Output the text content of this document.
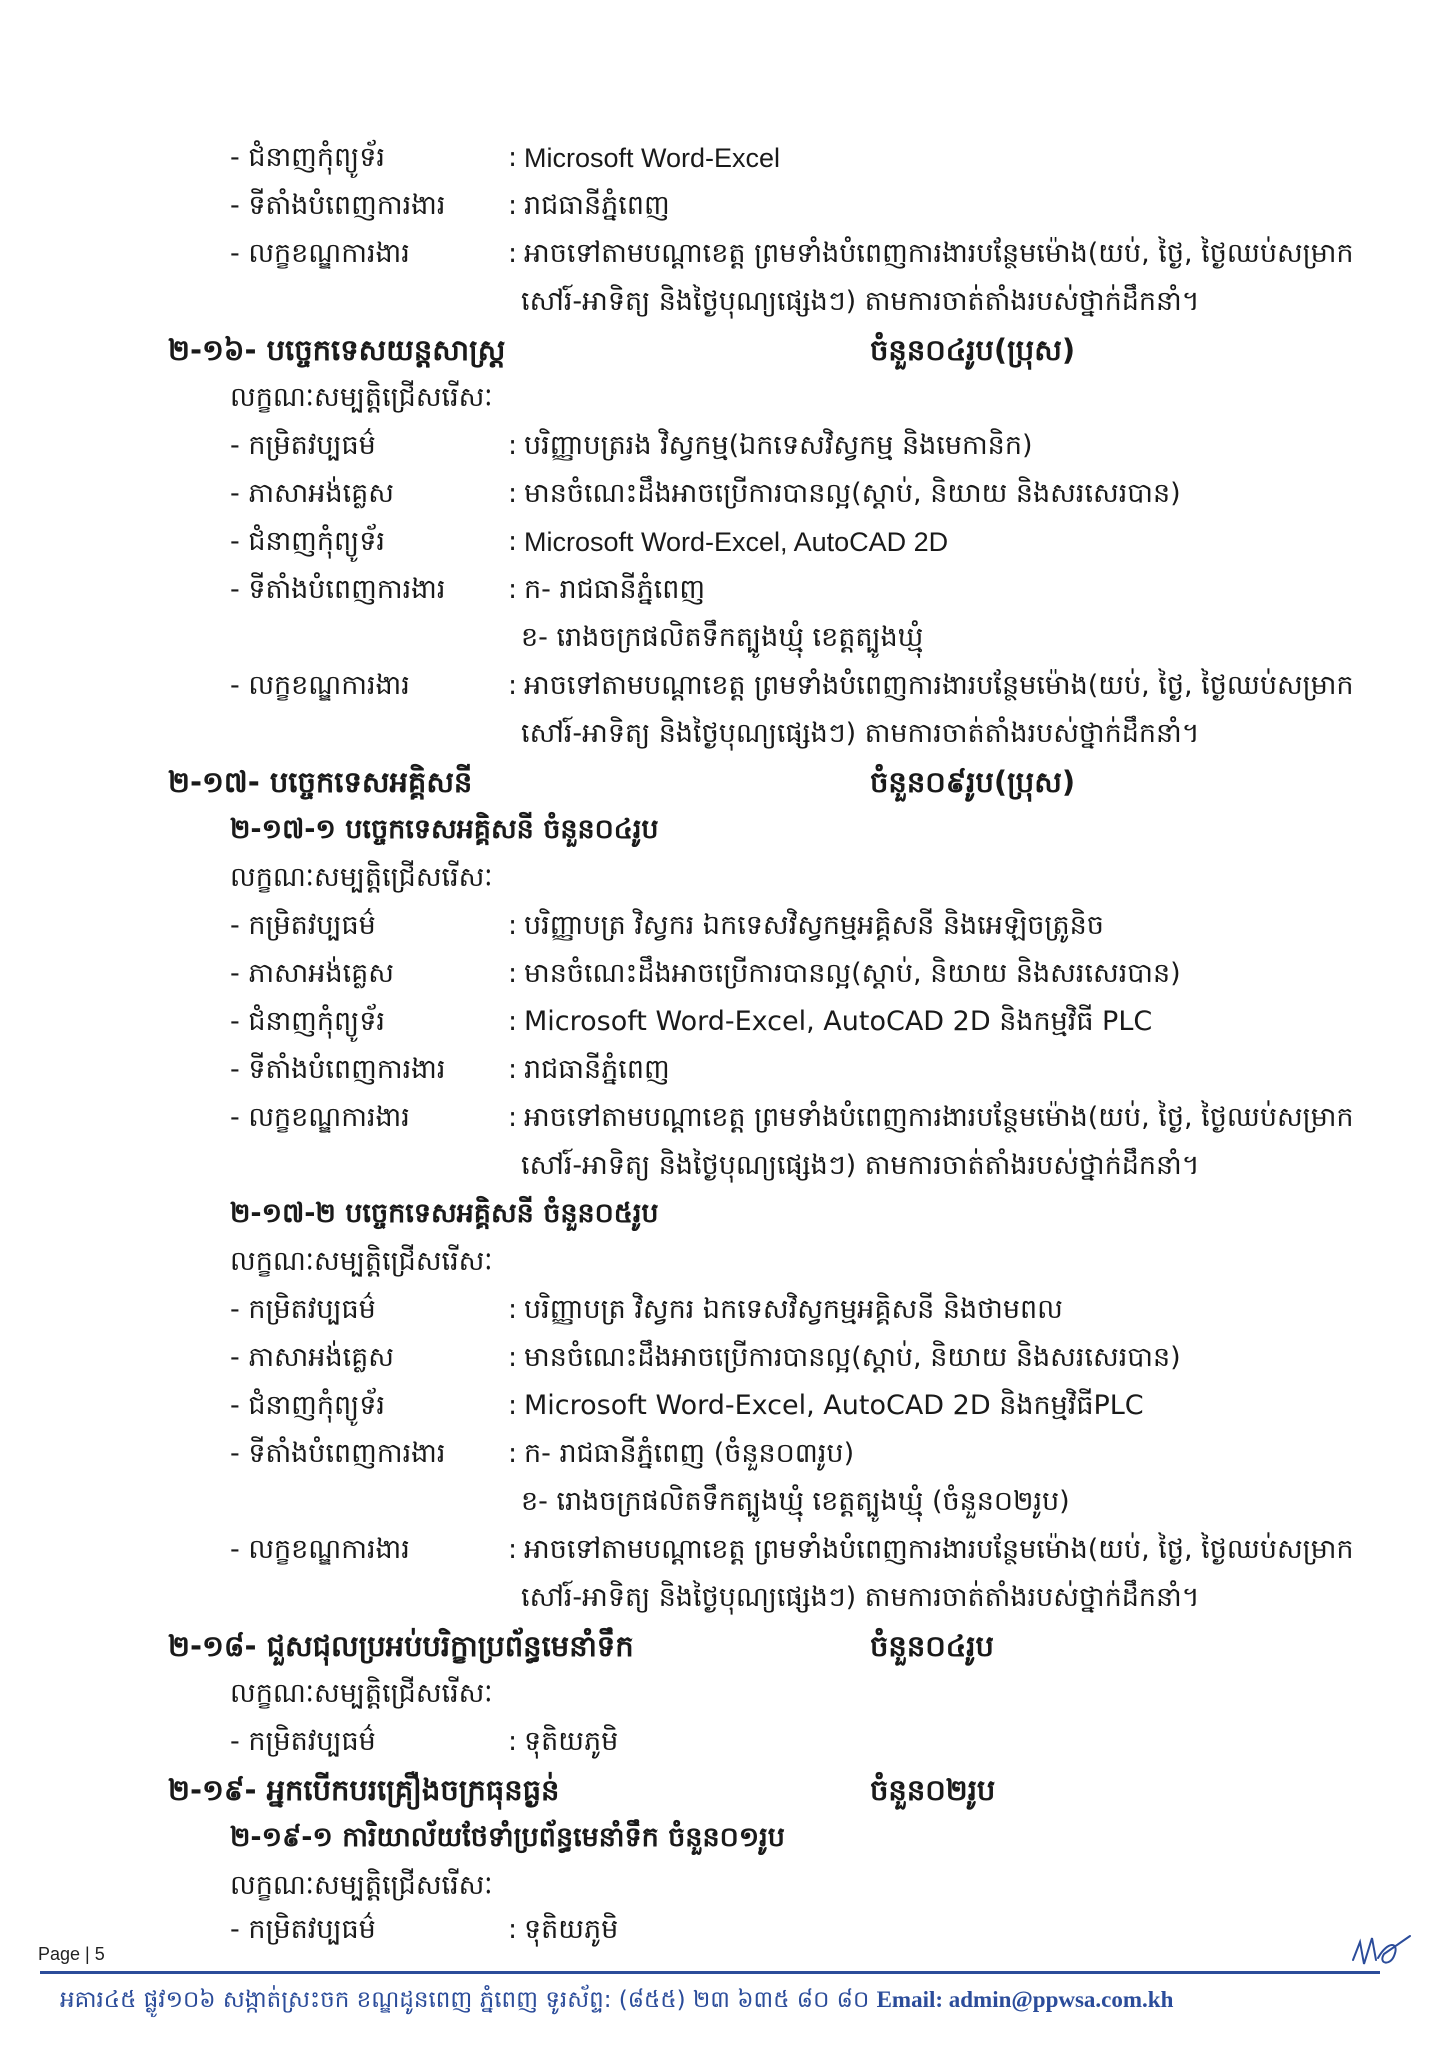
- ជំនាញកុំព្យូទ័រ	: Microsoft Word-Excel
- ទីតាំងបំពេញការងារ : រាជធានីភ្នំពេញ
- លក្ខខណ្ឌការងារ	: អាចទៅតាមបណ្តាខេត្ត ព្រមទាំងបំពេញការងារបន្ថែមម៉ោង(យប់, ថ្ងៃ, ថ្ងៃឈប់សម្រាក
សៅរ៍-អាទិត្យ និងថ្ងៃបុណ្យផ្សេងៗ) តាមការចាត់តាំងរបស់ថ្នាក់ដឹកនាំ។
២-១៦- បច្ចេកទេសយន្តសាស្ត្រ	ចំនួន០៤រូប(ប្រុស)
លក្ខណៈសម្បត្តិជ្រើសរើសៈ
- កម្រិតវប្បធម៌	: បរិញ្ញាបត្ររង វិស្វកម្ម(ឯកទេសវិស្វកម្ម និងមេកានិក)
- ភាសាអង់គ្លេស	: មានចំណេះដឹងអាចប្រើការបានល្អ(ស្តាប់, និយាយ និងសរសេរបាន)
- ជំនាញកុំព្យូទ័រ	: Microsoft Word-Excel, AutoCAD 2D
- ទីតាំងបំពេញការងារ : ក- រាជធានីភ្នំពេញ
ខ- រោងចក្រផលិតទឹកត្បូងឃ្មុំ ខេត្តត្បូងឃ្មុំ
- លក្ខខណ្ឌការងារ	: អាចទៅតាមបណ្តាខេត្ត ព្រមទាំងបំពេញការងារបន្ថែមម៉ោង(យប់, ថ្ងៃ, ថ្ងៃឈប់សម្រាក
សៅរ៍-អាទិត្យ និងថ្ងៃបុណ្យផ្សេងៗ) តាមការចាត់តាំងរបស់ថ្នាក់ដឹកនាំ។
២-១៧- បច្ចេកទេសអគ្គិសនី	ចំនួន០៩រូប(ប្រុស)
២-១៧-១ បច្ចេកទេសអគ្គិសនី ចំនួន០៤រូប
លក្ខណៈសម្បត្តិជ្រើសរើសៈ
- កម្រិតវប្បធម៌	: បរិញ្ញាបត្រ វិស្វករ ឯកទេសវិស្វកម្មអគ្គិសនី និងអេឡិចត្រូនិច
- ភាសាអង់គ្លេស	: មានចំណេះដឹងអាចប្រើការបានល្អ(ស្តាប់, និយាយ និងសរសេរបាន)
- ជំនាញកុំព្យូទ័រ	: Microsoft Word-Excel, AutoCAD 2D និងកម្មវិធី PLC
- ទីតាំងបំពេញការងារ : រាជធានីភ្នំពេញ
- លក្ខខណ្ឌការងារ	: អាចទៅតាមបណ្តាខេត្ត ព្រមទាំងបំពេញការងារបន្ថែមម៉ោង(យប់, ថ្ងៃ, ថ្ងៃឈប់សម្រាក
សៅរ៍-អាទិត្យ និងថ្ងៃបុណ្យផ្សេងៗ) តាមការចាត់តាំងរបស់ថ្នាក់ដឹកនាំ។
២-១៧-២ បច្ចេកទេសអគ្គិសនី ចំនួន០៥រូប
លក្ខណៈសម្បត្តិជ្រើសរើសៈ
- កម្រិតវប្បធម៌	: បរិញ្ញាបត្រ វិស្វករ ឯកទេសវិស្វកម្មអគ្គិសនី និងថាមពល
- ភាសាអង់គ្លេស	: មានចំណេះដឹងអាចប្រើការបានល្អ(ស្តាប់, និយាយ និងសរសេរបាន)
- ជំនាញកុំព្យូទ័រ	: Microsoft Word-Excel, AutoCAD 2D និងកម្មវិធីPLC
- ទីតាំងបំពេញការងារ : ក- រាជធានីភ្នំពេញ (ចំនួន០៣រូប)
ខ- រោងចក្រផលិតទឹកត្បូងឃ្មុំ ខេត្តត្បូងឃ្មុំ (ចំនួន០២រូប)
- លក្ខខណ្ឌការងារ	: អាចទៅតាមបណ្តាខេត្ត ព្រមទាំងបំពេញការងារបន្ថែមម៉ោង(យប់, ថ្ងៃ, ថ្ងៃឈប់សម្រាក
សៅរ៍-អាទិត្យ និងថ្ងៃបុណ្យផ្សេងៗ) តាមការចាត់តាំងរបស់ថ្នាក់ដឹកនាំ។
២-១៨- ជួសជុលប្រអប់បរិក្ខាប្រព័ន្ធមេនាំទឹក	ចំនួន០៤រូប
លក្ខណៈសម្បត្តិជ្រើសរើសៈ
- កម្រិតវប្បធម៌	: ទុតិយភូមិ
២-១៩- អ្នកបើកបរគ្រឿងចក្រធុនធ្ងន់	ចំនួន០២រូប
២-១៩-១ ការិយាល័យថែទាំប្រព័ន្ធមេនាំទឹក ចំនួន០១រូប
លក្ខណៈសម្បត្តិជ្រើសរើសៈ
- កម្រិតវប្បធម៌	: ទុតិយភូមិ
Page | 5
អគារ៤៥ ផ្លូវ១០៦ សង្កាត់ស្រះចក ខណ្ឌដូនពេញ ភ្នំពេញ ទូរស័ព្ទ: (៨៥៥) ២៣ ៦៣៥ ៨០ ៨០ Email: admin@ppwsa.com.kh
